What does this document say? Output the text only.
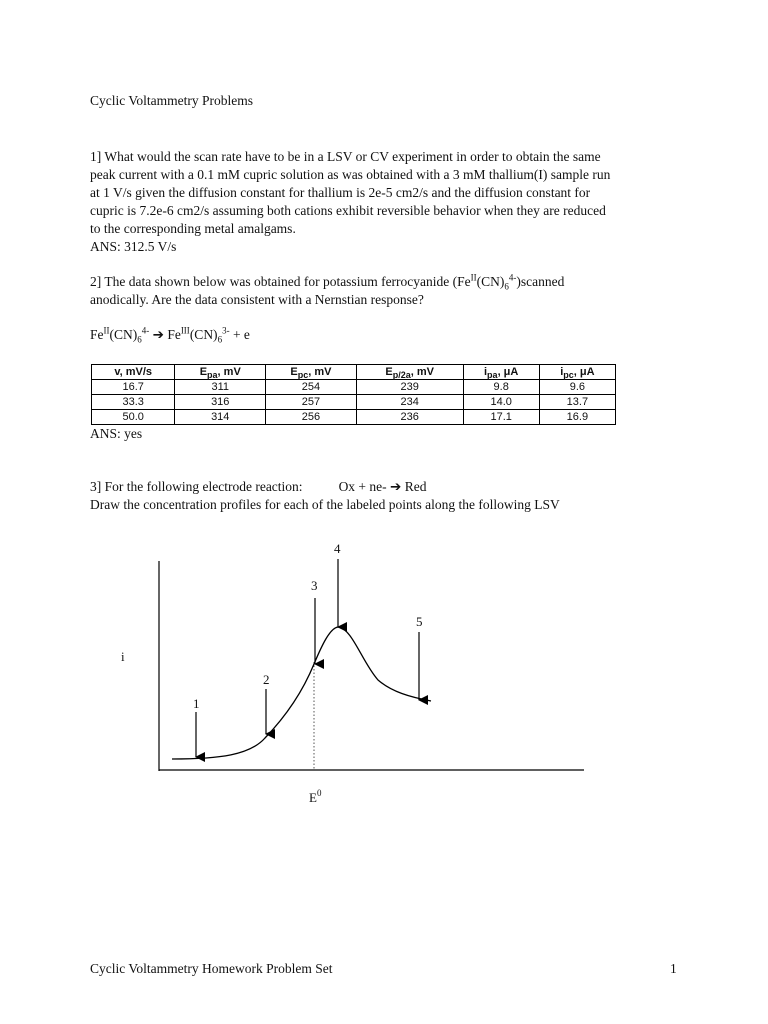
Cyclic Voltammetry Problems
1] What would the scan rate have to be in a LSV or CV experiment in order to obtain the same
peak current with a 0.1 mM cupric solution as was obtained with a 3 mM thallium(I) sample run
at 1 V/s given the diffusion constant for thallium is 2e-5 cm2/s and the diffusion constant for
cupric is 7.2e-6 cm2/s assuming both cations exhibit reversible behavior when they are reduced
to the corresponding metal amalgams.
ANS: 312.5 V/s
2] The data shown below was obtained for potassium ferrocyanide $(Fe^{II}(CN)_6^{4-})scanned$
anodically. Are the data consistent with a Nernstian response?
$Fe^{II}(CN)_6^{4-}$ ➔ $Fe^{III}(CN)_6^{3-} + e$
v, mV/s	$E_{pa}$, mV	$E_{pc}$, mV	$E_{p/2a}$, mV	$i_{pa}$, μA	$i_{pc}$, μA
16.7	311	254	239	9.8	9.6
33.3	316	257	234	14.0	13.7
50.0	314	256	236	17.1	16.9
ANS: yes
3] For the following electrode reaction:	Ox + ne- ➔ Red
Draw the concentration profiles for each of the labeled points along the following LSV
1
2
3
4
5
i
$E^0$
Cyclic Voltammetry Homework Problem Set	1
